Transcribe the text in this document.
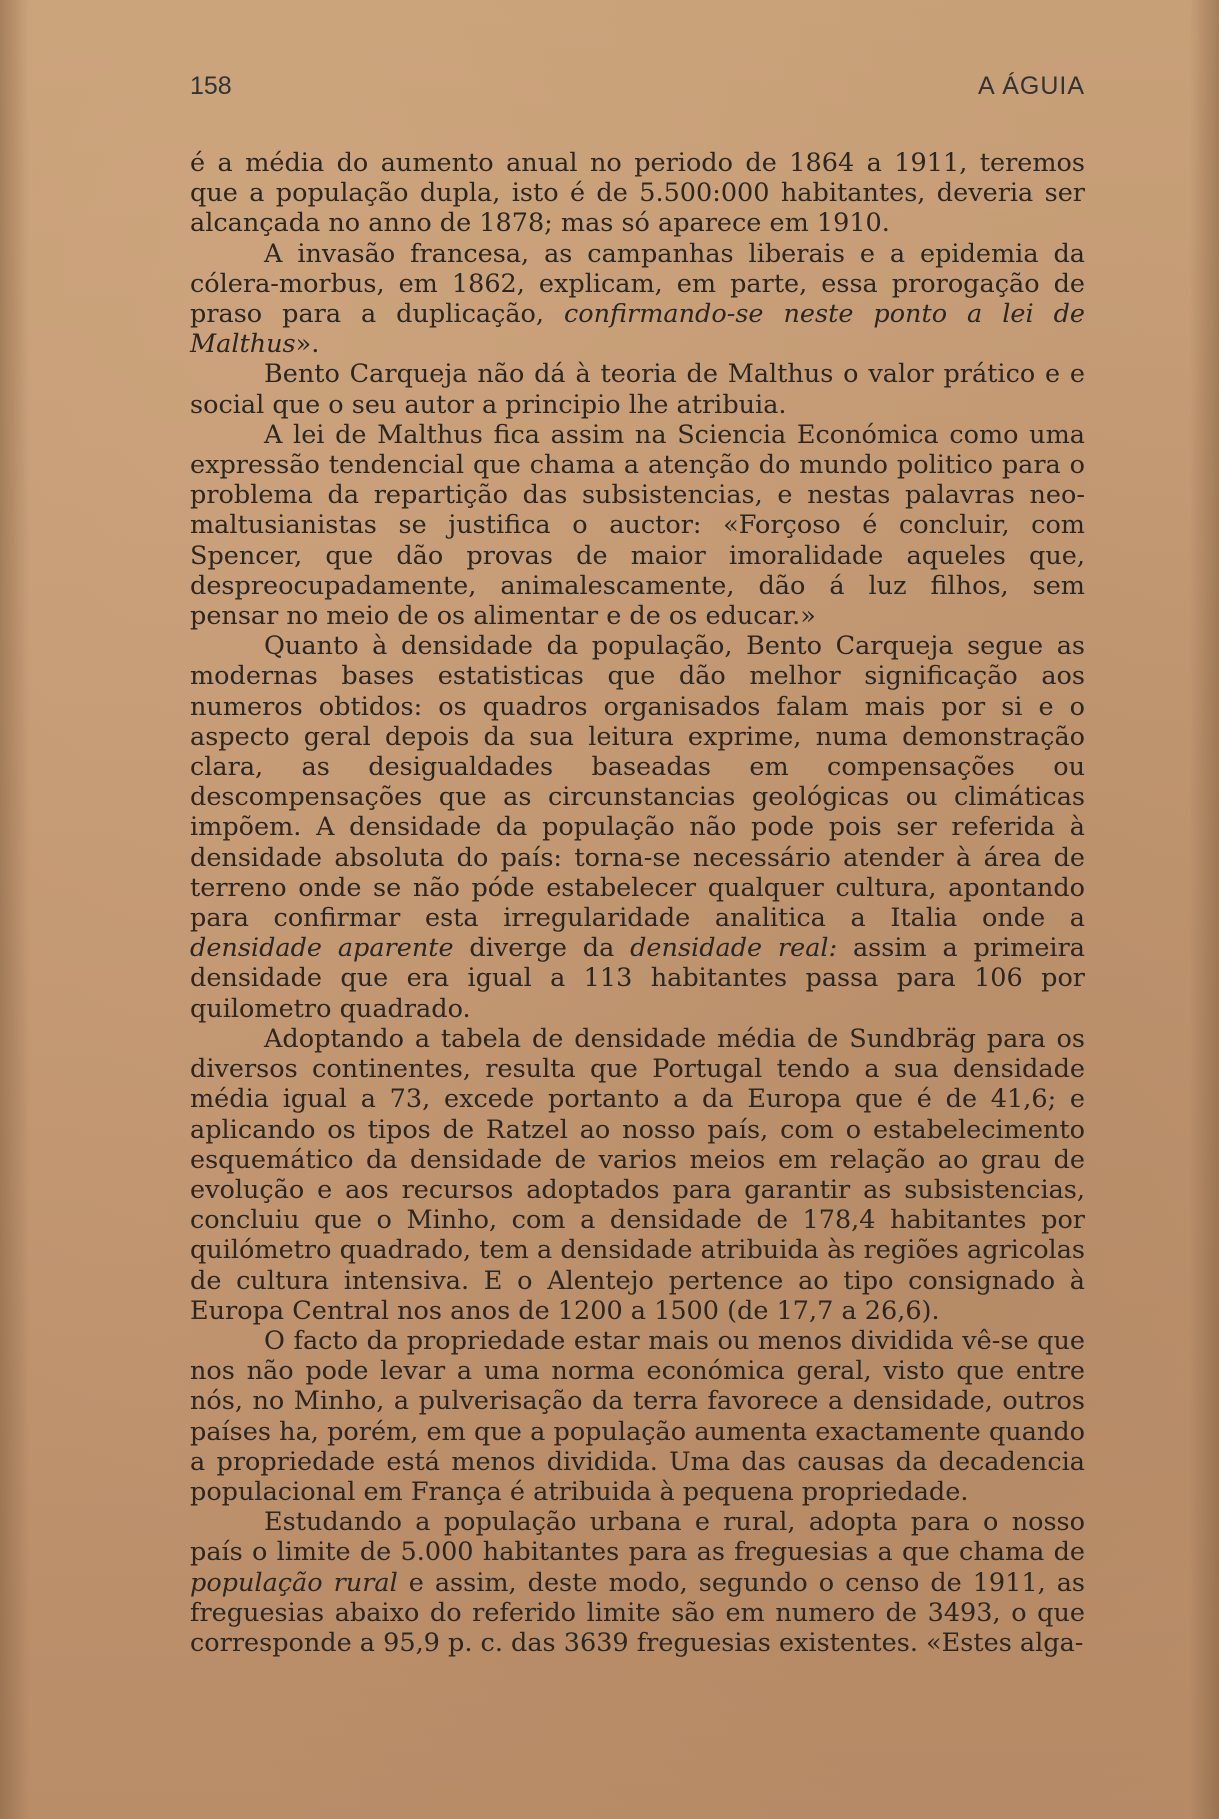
158	A ÁGUIA

é a média do aumento anual no periodo de 1864 a 1911, teremos que a população dupla, isto é de 5.500:000 habitantes, deveria ser alcançada no anno de 1878; mas só aparece em 1910.

A invasão francesa, as campanhas liberais e a epidemia da cólera-morbus, em 1862, explicam, em parte, essa prorogação de praso para a duplicação, confirmando-se neste ponto a lei de Malthus».

Bento Carqueja não dá à teoria de Malthus o valor prático e e social que o seu autor a principio lhe atribuia.

A lei de Malthus fica assim na Sciencia Económica como uma expressão tendencial que chama a atenção do mundo politico para o problema da repartição das subsistencias, e nestas palavras neo-maltusianistas se justifica o auctor: «Forçoso é concluir, com Spencer, que dão provas de maior imoralidade aqueles que, despreocupadamente, animalescamente, dão á luz filhos, sem pensar no meio de os alimentar e de os educar.»

Quanto à densidade da população, Bento Carqueja segue as modernas bases estatisticas que dão melhor significação aos numeros obtidos: os quadros organisados falam mais por si e o aspecto geral depois da sua leitura exprime, numa demonstração clara, as desigualdades baseadas em compensações ou descompensações que as circunstancias geológicas ou climáticas impõem. A densidade da população não pode pois ser referida à densidade absoluta do país: torna-se necessário atender à área de terreno onde se não póde estabelecer qualquer cultura, apontando para confirmar esta irregularidade analitica a Italia onde a densidade aparente diverge da densidade real: assim a primeira densidade que era igual a 113 habitantes passa para 106 por quilometro quadrado.

Adoptando a tabela de densidade média de Sundbräg para os diversos continentes, resulta que Portugal tendo a sua densidade média igual a 73, excede portanto a da Europa que é de 41,6; e aplicando os tipos de Ratzel ao nosso país, com o estabelecimento esquemático da densidade de varios meios em relação ao grau de evolução e aos recursos adoptados para garantir as subsistencias, concluiu que o Minho, com a densidade de 178,4 habitantes por quilómetro quadrado, tem a densidade atribuida às regiões agricolas de cultura intensiva. E o Alentejo pertence ao tipo consignado à Europa Central nos anos de 1200 a 1500 (de 17,7 a 26,6).

O facto da propriedade estar mais ou menos dividida vê-se que nos não pode levar a uma norma económica geral, visto que entre nós, no Minho, a pulverisação da terra favorece a densidade, outros países ha, porém, em que a população aumenta exactamente quando a propriedade está menos dividida. Uma das causas da decadencia populacional em França é atribuida à pequena propriedade.

Estudando a população urbana e rural, adopta para o nosso país o limite de 5.000 habitantes para as freguesias a que chama de população rural e assim, deste modo, segundo o censo de 1911, as freguesias abaixo do referido limite são em numero de 3493, o que corresponde a 95,9 p. c. das 3639 freguesias existentes. «Estes alga-
